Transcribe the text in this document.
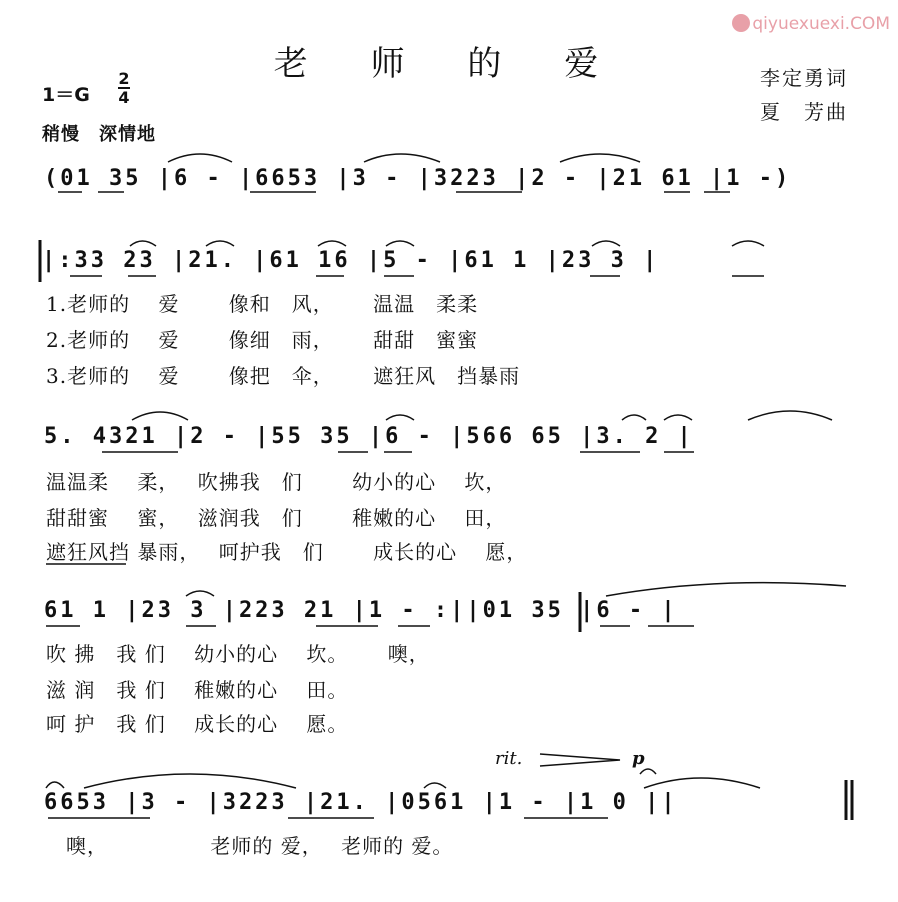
qiyuexuexi.COM
老 师 的 爱	李定勇词
夏　芳曲
1＝G
2
4
稍慢　深情地
(01 35 |6 - |6653 |3 - |3223 |2 - |21 61 |1 -)
|:33 23 |21. |61 16 |5 - |61 1 |23 3 |
5. 4321 |2 - |55 35 |6 - |566 65 |3. 2 |
61 1 |23 3 |223 21 |1 - :||01 35 |6 - |
6653 |3 - |3223 |21. |0561 |1 - |1 0 ||
1.老师的　 爱　　 像和　风，　　 温温　柔柔
2.老师的　 爱　　 像细　雨，　　 甜甜　蜜蜜
3.老师的　 爱　　 像把　伞，　　 遮狂风　挡暴雨
温温柔　 柔，　 吹拂我　们　　 幼小的心　 坎，
甜甜蜜　 蜜，　 滋润我　们　　 稚嫩的心　 田，
遮狂风挡 暴雨，　 呵护我　们　　 成长的心　 愿，
吹 拂　我 们　 幼小的心　 坎。　　 噢，
滋 润　我 们　 稚嫩的心　 田。
呵 护　我 们　 成长的心　 愿。
噢，　　　　　 老师的 爱，　 老师的 爱。
rit.	p
